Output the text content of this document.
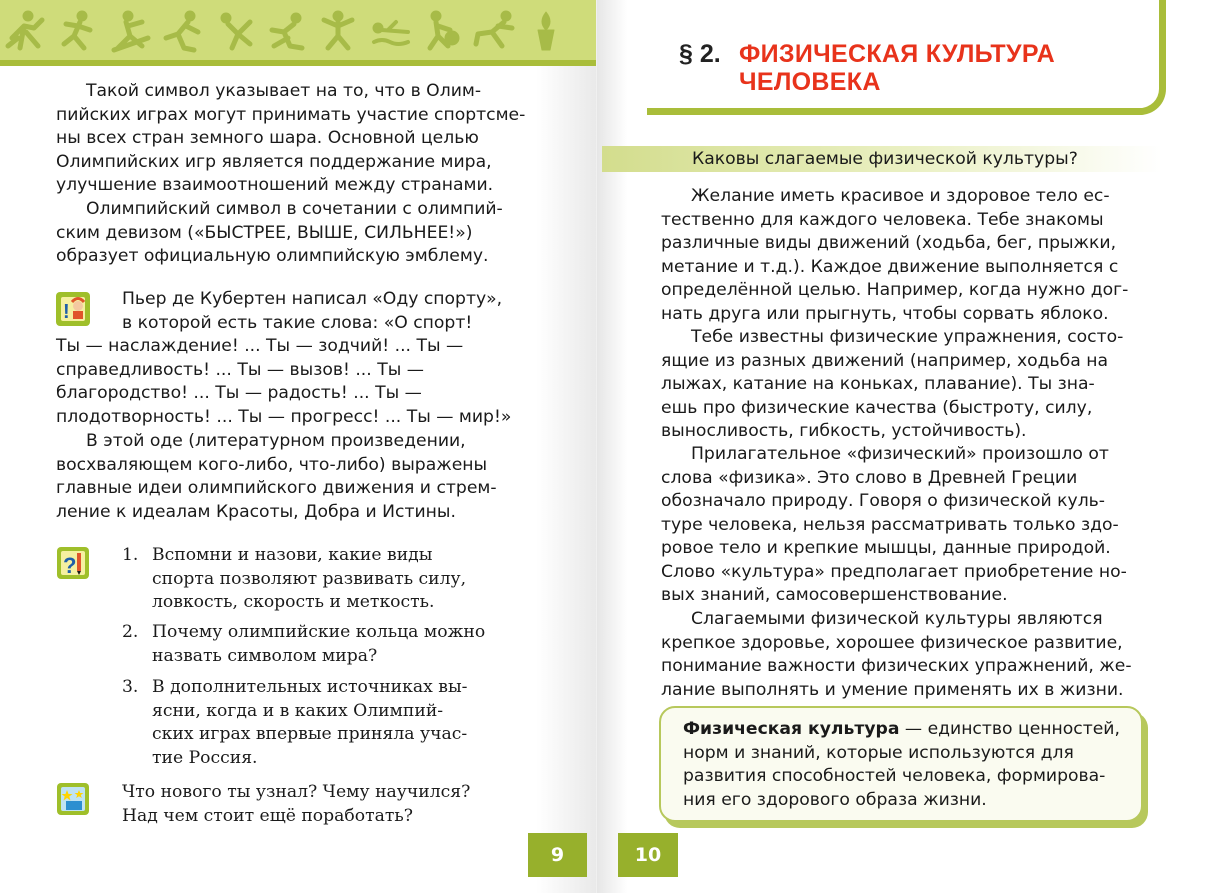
Такой символ указывает на то, что в Олим-
пийских играх могут принимать участие спортсме-
ны всех стран земного шара. Основной целью
Олимпийских игр является поддержание мира,
улучшение взаимоотношений между странами.

Олимпийский символ в сочетании с олимпий-
ским девизом («БЫСТРЕЕ, ВЫШЕ, СИЛЬНЕЕ!»)
образует официальную олимпийскую эмблему.

!

Пьер де Кубертен написал «Оду спорту»,
в которой есть такие слова: «О спорт!

Ты — наслаждение! ... Ты — зодчий! ... Ты —
справедливость! ... Ты — вызов! ... Ты —
благородство! ... Ты — радость! ... Ты —
плодотворность! ... Ты — прогресс! ... Ты — мир!»

В этой оде (литературном произведении,
восхваляющем кого-либо, что-либо) выражены
главные идеи олимпийского движения и стрем-
ление к идеалам Красоты, Добра и Истины.

?	1. Вспомни и назови, какие виды
спорта позволяют развивать силу,
ловкость, скорость и меткость.
2. Почему олимпийские кольца можно
назвать символом мира?
3. В дополнительных источниках вы-
ясни, когда и в каких Олимпий-
ских играх впервые приняла учас-
тие Россия.

Что нового ты узнал? Чему научился?
Над чем стоит ещё поработать?

9
§ 2. ФИЗИЧЕСКАЯ КУЛЬТУРА
ЧЕЛОВЕКА
Каковы слагаемые физической культуры?

Желание иметь красивое и здоровое тело ес-
тественно для каждого человека. Тебе знакомы
различные виды движений (ходьба, бег, прыжки,
метание и т.д.). Каждое движение выполняется с
определённой целью. Например, когда нужно дог-
нать друга или прыгнуть, чтобы сорвать яблоко.

Тебе известны физические упражнения, состо-
ящие из разных движений (например, ходьба на
лыжах, катание на коньках, плавание). Ты зна-
ешь про физические качества (быстроту, силу,
выносливость, гибкость, устойчивость).

Прилагательное «физический» произошло от
слова «физика». Это слово в Древней Греции
обозначало природу. Говоря о физической куль-
туре человека, нельзя рассматривать только здо-
ровое тело и крепкие мышцы, данные природой.
Слово «культура» предполагает приобретение но-
вых знаний, самосовершенствование.

Слагаемыми физической культуры являются
крепкое здоровье, хорошее физическое развитие,
понимание важности физических упражнений, же-
лание выполнять и умение применять их в жизни.

Физическая культура — единство ценностей,
норм и знаний, которые используются для
развития способностей человека, формирова-
ния его здорового образа жизни.
10
